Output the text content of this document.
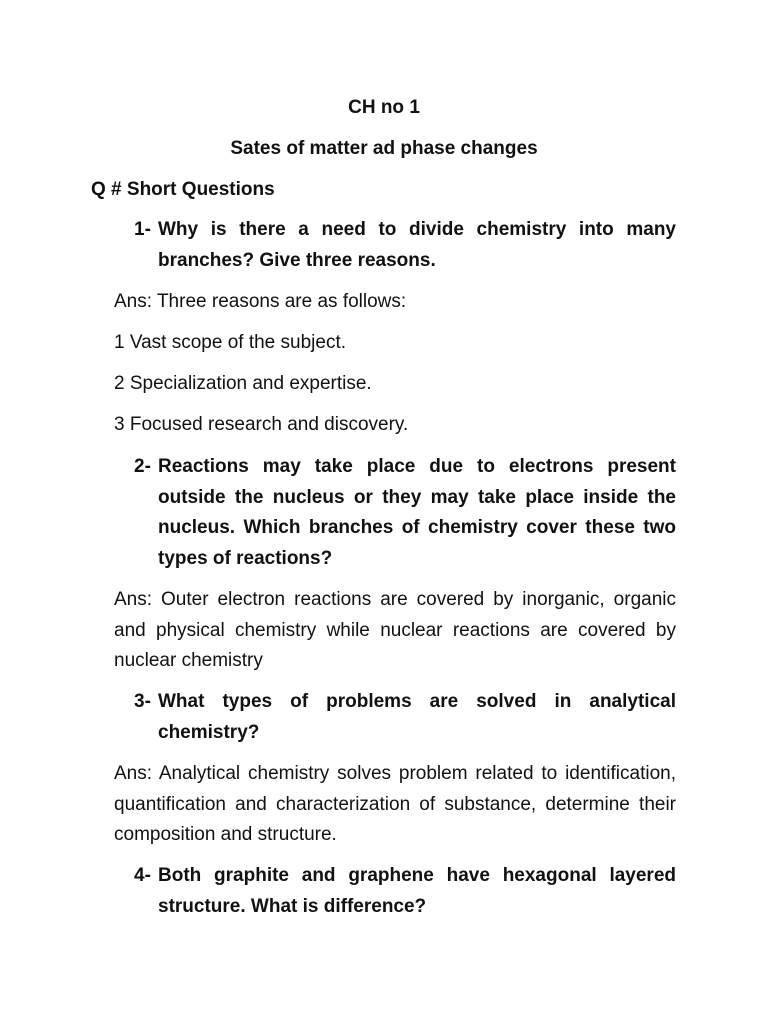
CH no 1
Sates of matter ad phase changes
Q # Short Questions
1- Why is there a need to divide chemistry into many branches? Give three reasons.
Ans: Three reasons are as follows:
1 Vast scope of the subject.
2 Specialization and expertise.
3 Focused research and discovery.
2- Reactions may take place due to electrons present outside the nucleus or they may take place inside the nucleus. Which branches of chemistry cover these two types of reactions?
Ans: Outer electron reactions are covered by inorganic, organic and physical chemistry while nuclear reactions are covered by nuclear chemistry
3- What types of problems are solved in analytical chemistry?
Ans: Analytical chemistry solves problem related to identification, quantification and characterization of substance, determine their composition and structure.
4- Both graphite and graphene have hexagonal layered structure. What is difference?
